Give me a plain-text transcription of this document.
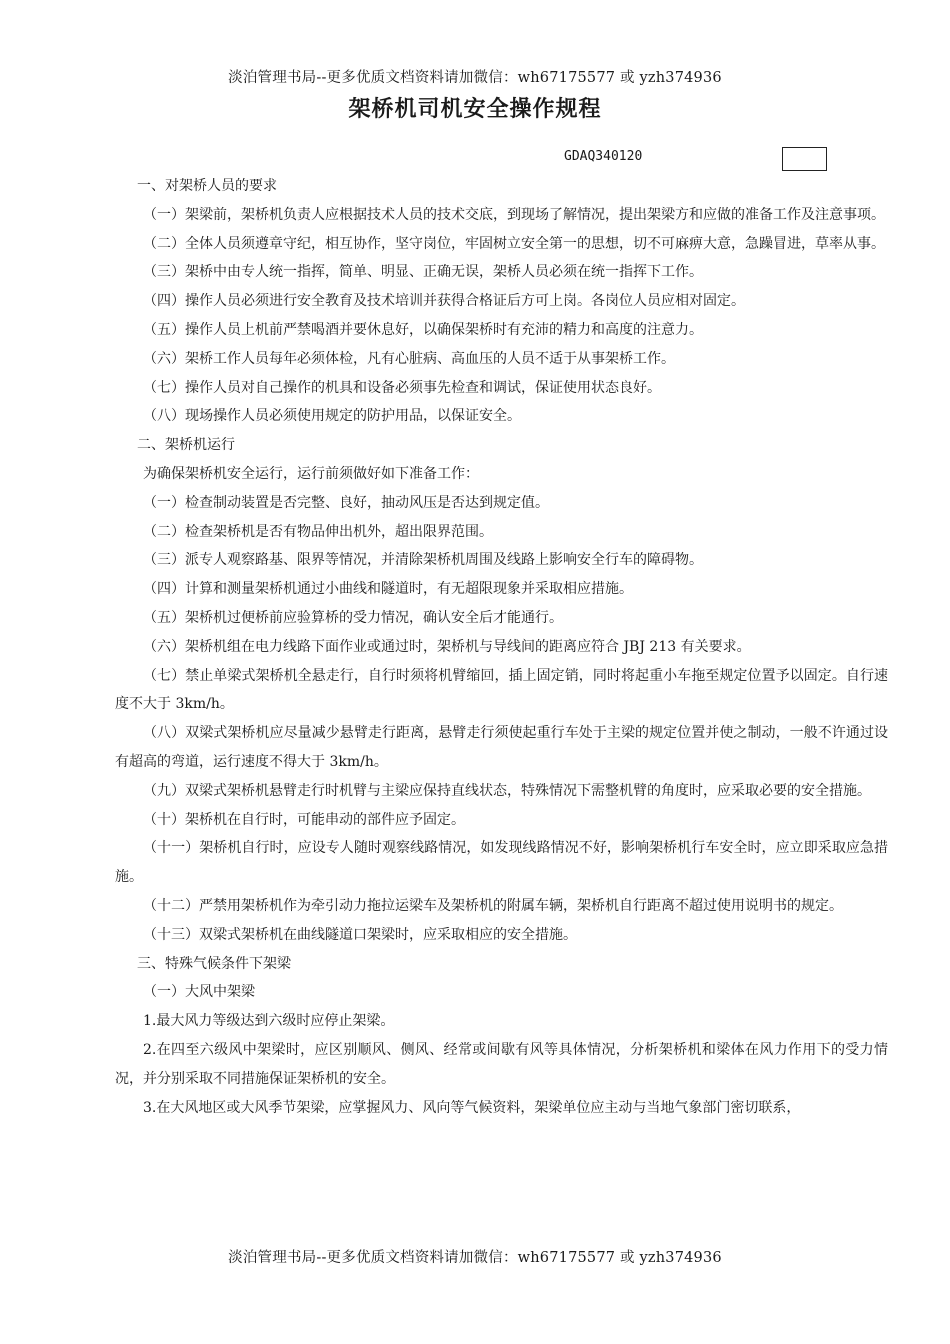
淡泊管理书局--更多优质文档资料请加微信：wh67175577 或 yzh374936
架桥机司机安全操作规程
GDAQ340120

一、对架桥人员的要求

（一）架梁前，架桥机负责人应根据技术人员的技术交底，到现场了解情况，提出架梁方和应做的准备工作及注意事项。

（二）全体人员须遵章守纪，相互协作，坚守岗位，牢固树立安全第一的思想，切不可麻痹大意，急躁冒进，草率从事。

（三）架桥中由专人统一指挥，简单、明显、正确无误，架桥人员必须在统一指挥下工作。

（四）操作人员必须进行安全教育及技术培训并获得合格证后方可上岗。各岗位人员应相对固定。

（五）操作人员上机前严禁喝酒并要休息好，以确保架桥时有充沛的精力和高度的注意力。

（六）架桥工作人员每年必须体检，凡有心脏病、高血压的人员不适于从事架桥工作。

（七）操作人员对自己操作的机具和设备必须事先检查和调试，保证使用状态良好。

（八）现场操作人员必须使用规定的防护用品，以保证安全。

二、架桥机运行

为确保架桥机安全运行，运行前须做好如下准备工作：

（一）检查制动装置是否完整、良好，抽动风压是否达到规定值。

（二）检查架桥机是否有物品伸出机外，超出限界范围。

（三）派专人观察路基、限界等情况，并清除架桥机周围及线路上影响安全行车的障碍物。

（四）计算和测量架桥机通过小曲线和隧道时，有无超限现象并采取相应措施。

（五）架桥机过便桥前应验算桥的受力情况，确认安全后才能通行。

（六）架桥机组在电力线路下面作业或通过时，架桥机与导线间的距离应符合 JBJ 213 有关要求。

（七）禁止单梁式架桥机全悬走行，自行时须将机臂缩回，插上固定销，同时将起重小车拖至规定位置予以固定。自行速度不大于 3km/h。

（八）双梁式架桥机应尽量减少悬臂走行距离，悬臂走行须使起重行车处于主梁的规定位置并使之制动，一般不许通过设有超高的弯道，运行速度不得大于 3km/h。

（九）双梁式架桥机悬臂走行时机臂与主梁应保持直线状态，特殊情况下需整机臂的角度时，应采取必要的安全措施。

（十）架桥机在自行时，可能串动的部件应予固定。

（十一）架桥机自行时，应设专人随时观察线路情况，如发现线路情况不好，影响架桥机行车安全时，应立即采取应急措施。

（十二）严禁用架桥机作为牵引动力拖拉运梁车及架桥机的附属车辆，架桥机自行距离不超过使用说明书的规定。

（十三）双梁式架桥机在曲线隧道口架梁时，应采取相应的安全措施。

三、特殊气候条件下架梁

（一）大风中架梁

1.最大风力等级达到六级时应停止架梁。

2.在四至六级风中架梁时，应区别顺风、侧风、经常或间歇有风等具体情况，分析架桥机和梁体在风力作用下的受力情况，并分别采取不同措施保证架桥机的安全。

3.在大风地区或大风季节架梁，应掌握风力、风向等气候资料，架梁单位应主动与当地气象部门密切联系，

淡泊管理书局--更多优质文档资料请加微信：wh67175577 或 yzh374936
